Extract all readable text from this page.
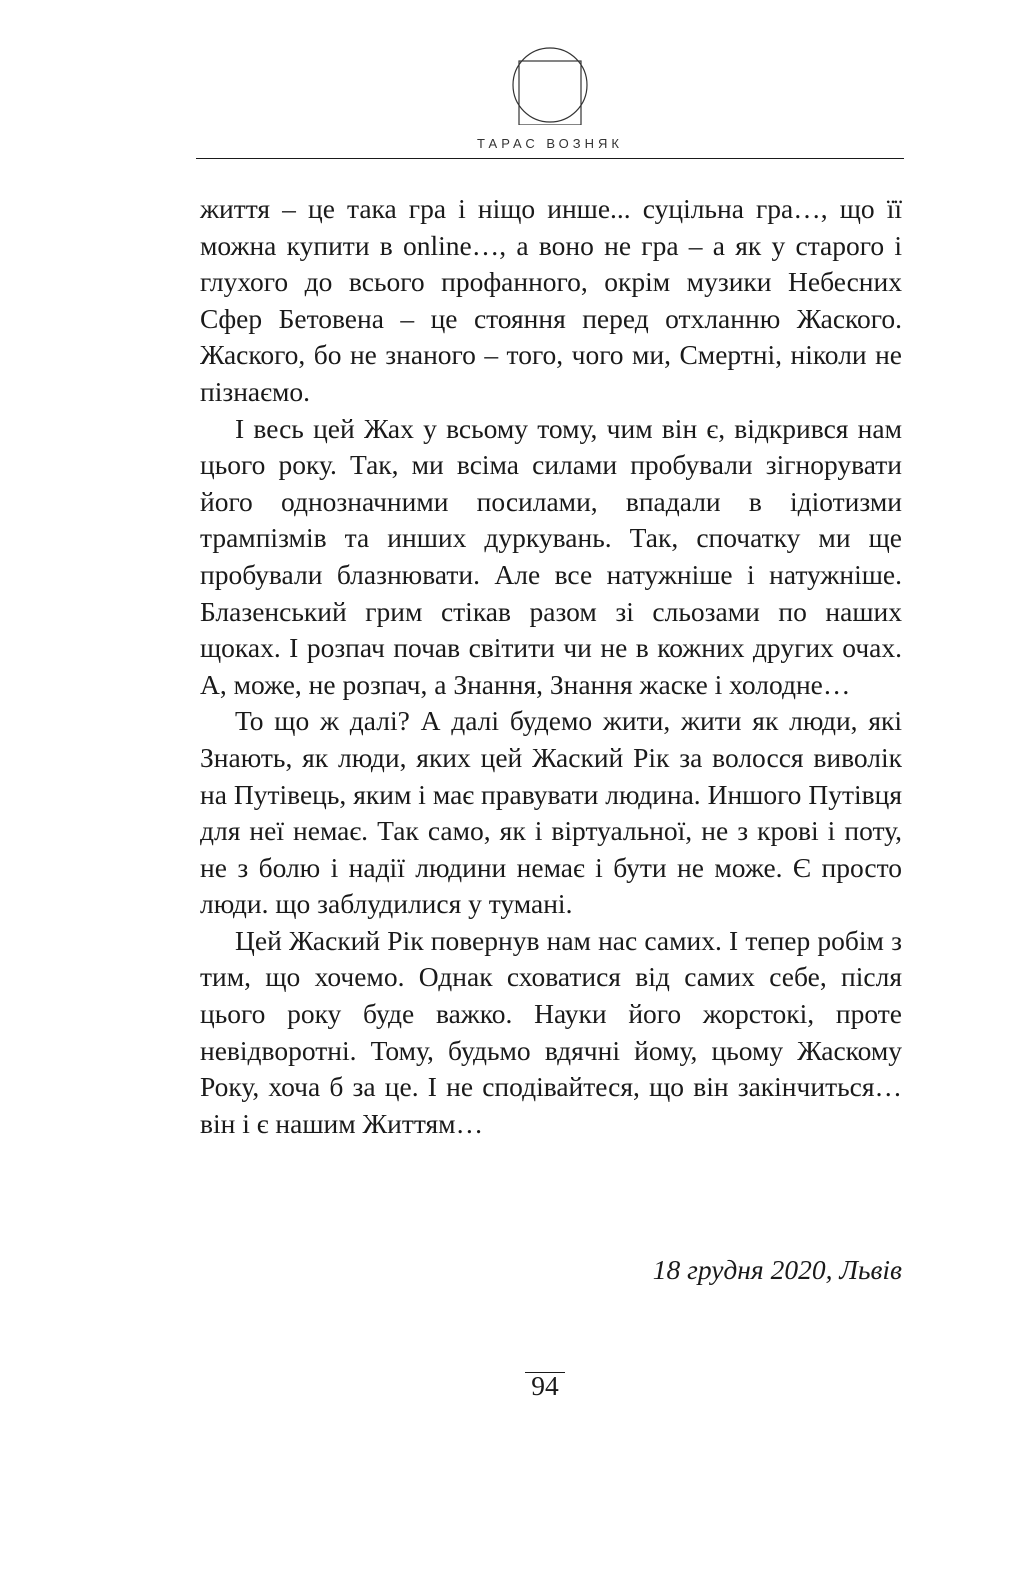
ТАРАС ВОЗНЯК

життя – це така гра і ніщо инше... суцільна гра…, що її можна купити в online…, а воно не гра – а як у старого і глухого до всього профанного, окрім музики Небесних Сфер Бетовена – це стояння перед отхланню Жаского. Жаского, бо не знаного – того, чого ми, Смертні, ніколи не пізнаємо.

І весь цей Жах у всьому тому, чим він є, відкрився нам цього року. Так, ми всіма силами пробували зігнорувати його однозначними посилами, впадали в ідіотизми трампізмів та инших дуркувань. Так, спочатку ми ще пробували блазнювати. Але все натужніше і натужніше. Блазенський грим стікав разом зі сльозами по наших щоках. І розпач почав світити чи не в кожних других очах. А, може, не розпач, а Знання, Знання жаске і холодне…

То що ж далі? А далі будемо жити, жити як люди, які Знають, як люди, яких цей Жаский Рік за волосся виволік на Путівець, яким і має правувати людина. Иншого Путівця для неї немає. Так само, як і віртуальної, не з крові і поту, не з болю і надії людини немає і бути не може. Є просто люди. що заблудилися у тумані.

Цей Жаский Рік повернув нам нас самих. І тепер робім з тим, що хочемо. Однак сховатися від самих себе, після цього року буде важко. Науки його жорстокі, проте невідворотні. Тому, будьмо вдячні йому, цьому Жаскому Року, хоча б за це. І не сподівайтеся, що він закінчиться… він і є нашим Життям…

18 грудня 2020, Львів
94
